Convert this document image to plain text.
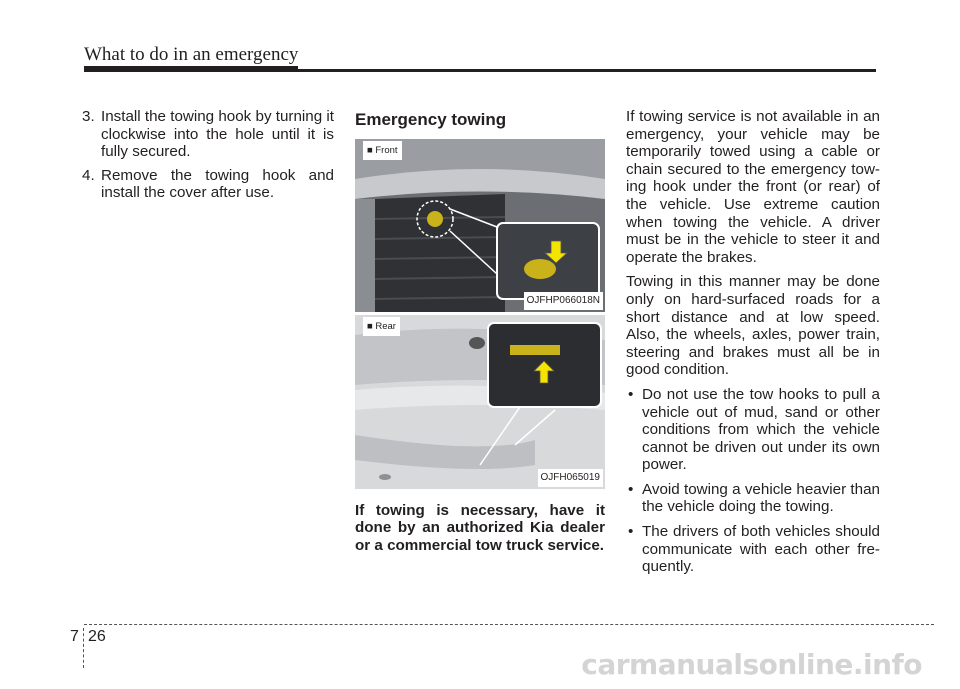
What to do in an emergency
3. Install the towing hook by turning it clockwise into the hole until it is fully secured.
4. Remove the towing hook and install the cover after use.
Emergency towing
■ Front
OJFHP066018N
■ Rear
OJFH065019
If towing is necessary, have it done by an authorized Kia dealer or a commercial tow truck service.

If towing service is not available in an emergency, your vehicle may be temporarily towed using a cable or chain secured to the emergency tow-ing hook under the front (or rear) of the vehicle. Use extreme caution when towing the vehicle. A driver must be in the vehicle to steer it and operate the brakes.

Towing in this manner may be done only on hard-surfaced roads for a short distance and at low speed. Also, the wheels, axles, power train, steering and brakes must all be in good condition.

• Do not use the tow hooks to pull a vehicle out of mud, sand or other conditions from which the vehicle cannot be driven out under its own power.
• Avoid towing a vehicle heavier than the vehicle doing the towing.
• The drivers of both vehicles should communicate with each other fre-quently.
7 26
carmanualsonline.info
